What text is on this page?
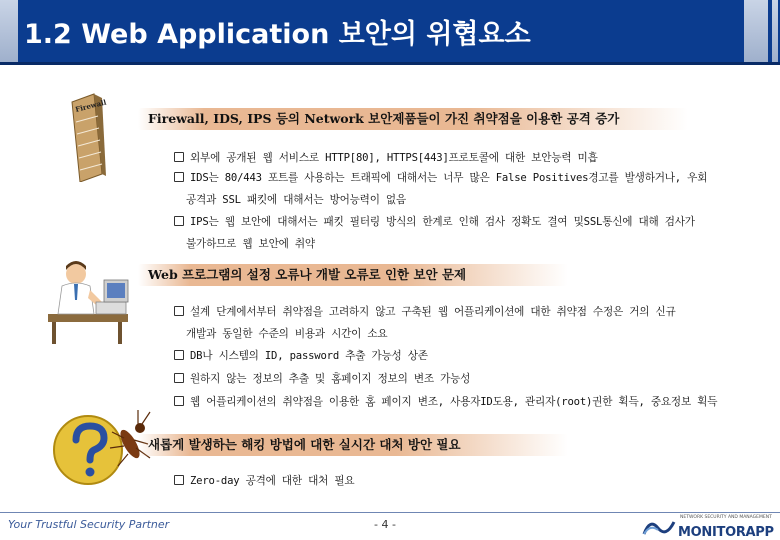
1.2 Web Application 보안의 위협요소
Firewall
Firewall, IDS, IPS 등의 Network 보안제품들이 가진 취약점을 이용한 공격 증가
외부에 공개된 웹 서비스로 HTTP[80], HTTPS[443]프로토콜에 대한 보안능력 미흡
IDS는 80/443 포트를 사용하는 트래픽에 대해서는 너무 많은 False Positives경고를 발생하거나, 우회
공격과 SSL 패킷에 대해서는 방어능력이 없음
IPS는 웹 보안에 대해서는 패킷 필터링 방식의 한계로 인해 검사 정확도 결여 및SSL통신에 대해 검사가
불가하므로 웹 보안에 취약
Web 프로그램의 설정 오류나 개발 오류로 인한 보안 문제
설계 단계에서부터 취약점을 고려하지 않고 구축된 웹 어플리케이션에 대한 취약점 수정은 거의 신규
개발과 동일한 수준의 비용과 시간이 소요
DB나 시스템의 ID, password 추출 가능성 상존
원하지 않는 정보의 추출 및 홈페이지 정보의 변조 가능성
웹 어플리케이션의 취약점을 이용한 홈 페이지 변조, 사용자ID도용, 관리자(root)권한 획득, 중요정보 획득
새롭게 발생하는 해킹 방법에 대한 실시간 대처 방안 필요
Zero-day 공격에 대한 대처 필요
Your Trustful Security Partner	- 4 -
NETWORK SECURITY AND MANAGEMENT
MONITORAPP
